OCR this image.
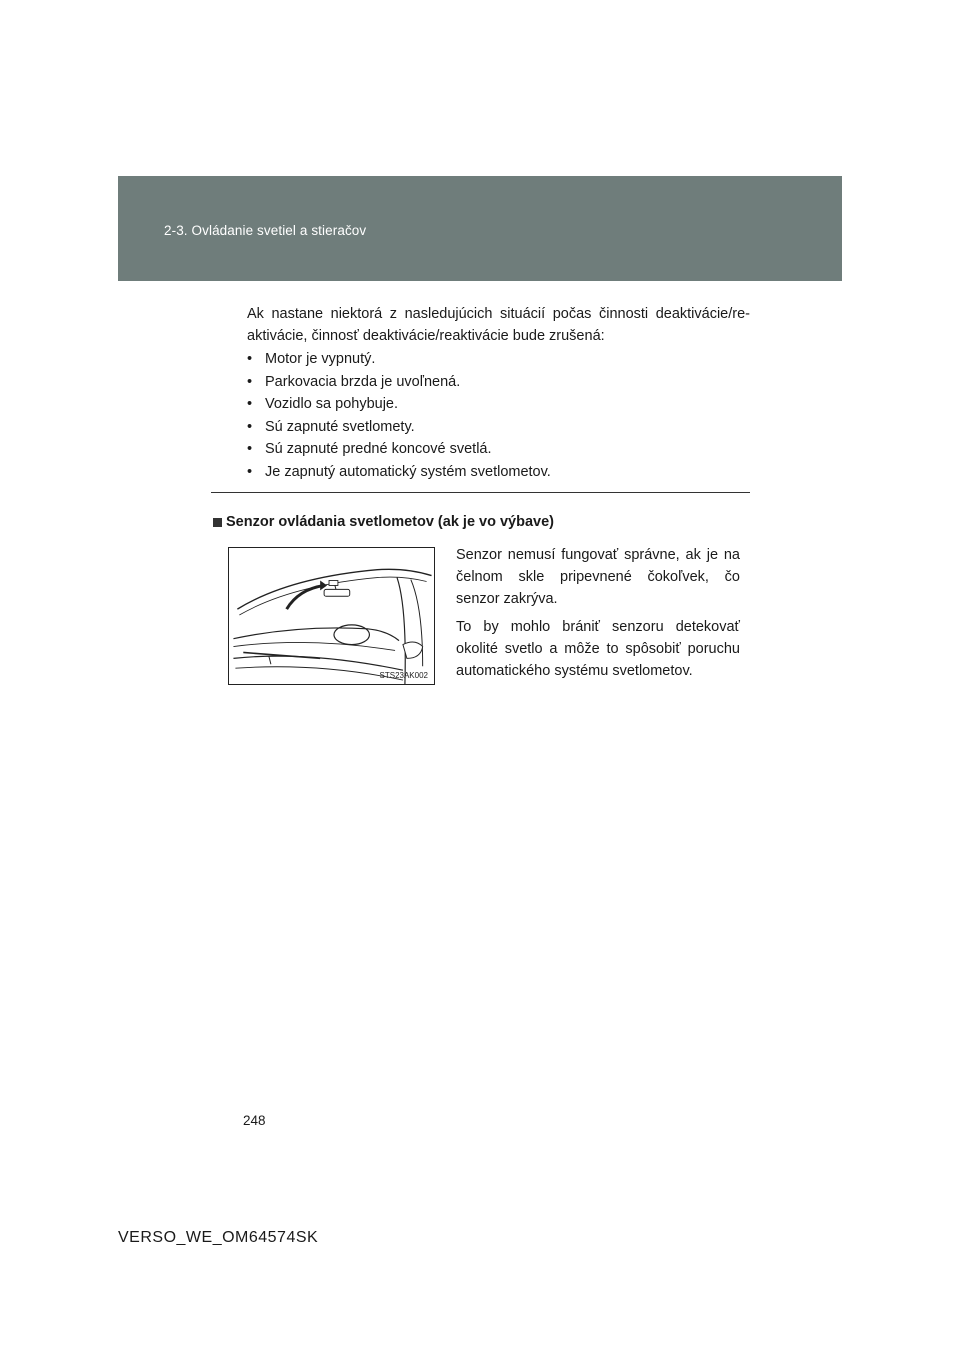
2-3. Ovládanie svetiel a stieračov

Ak nastane niektorá z nasledujúcich situácií počas činnosti deaktivácie/re-aktivácie, činnosť deaktivácie/reaktivácie bude zrušená:

• Motor je vypnutý.
• Parkovacia brzda je uvoľnená.
• Vozidlo sa pohybuje.
• Sú zapnuté svetlomety.
• Sú zapnuté predné koncové svetlá.
• Je zapnutý automatický systém svetlometov.
Senzor ovládania svetlometov (ak je vo výbave)
STS23AK002

Senzor nemusí fungovať správne, ak je na čelnom skle pripevnené čokoľvek, čo senzor zakrýva.

To by mohlo brániť senzoru detekovať okolité svetlo a môže to spôsobiť poruchu automatického systému svetlometov.

248
VERSO_WE_OM64574SK
